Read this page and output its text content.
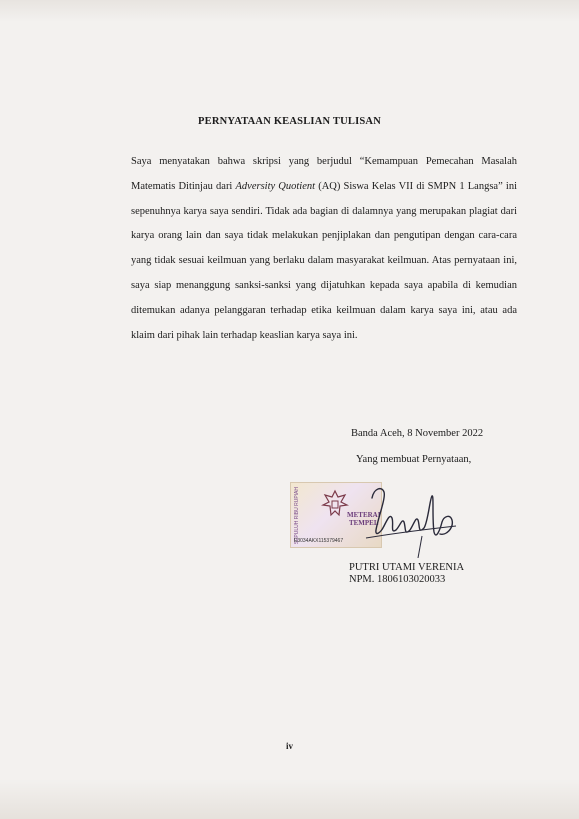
PERNYATAAN KEASLIAN TULISAN
Saya menyatakan bahwa skripsi yang berjudul “Kemampuan Pemecahan Masalah Matematis Ditinjau dari Adversity Quotient (AQ) Siswa Kelas VII di SMPN 1 Langsa” ini sepenuhnya karya saya sendiri. Tidak ada bagian di dalamnya yang merupakan plagiat dari karya orang lain dan saya tidak melakukan penjiplakan dan pengutipan dengan cara-cara yang tidak sesuai keilmuan yang berlaku dalam masyarakat keilmuan. Atas pernyataan ini, saya siap menanggung sanksi-sanksi yang dijatuhkan kepada saya apabila di kemudian ditemukan adanya pelanggaran terhadap etika keilmuan dalam karya saya ini, atau ada klaim dari pihak lain terhadap keaslian karya saya ini.
Banda Aceh, 8 November 2022
Yang membuat Pernyataan,
SEPULUH RIBU RUPIAH	METERAI
TEMPEL
E3034AKX115379467
PUTRI UTAMI VERENIA
NPM. 1806103020033
iv
